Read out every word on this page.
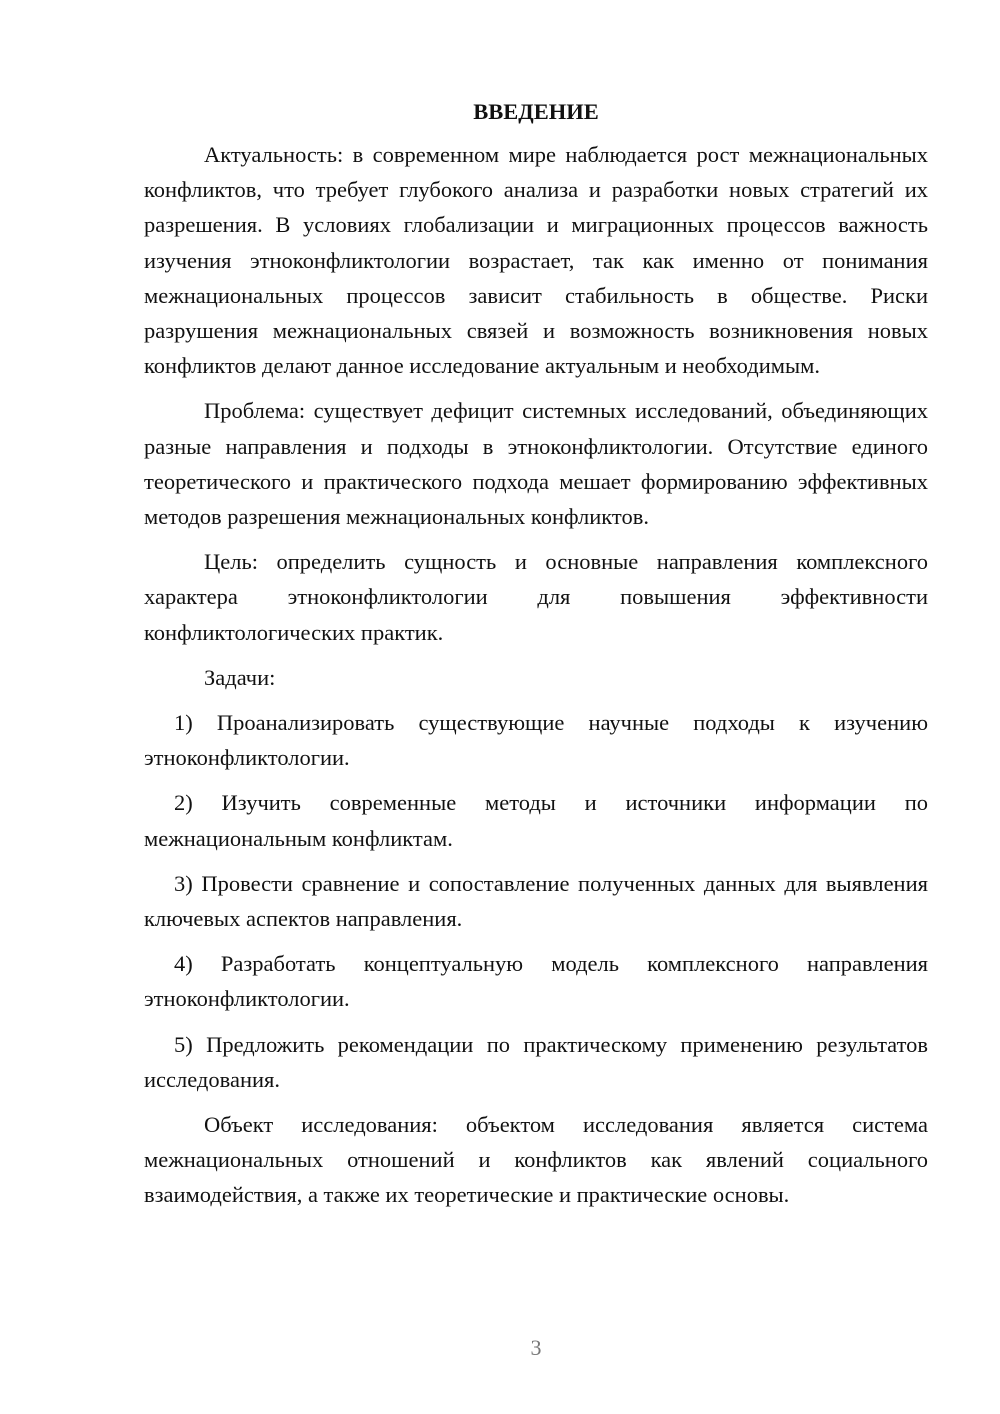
ВВЕДЕНИЕ

Актуальность: в современном мире наблюдается рост межнациональных конфликтов, что требует глубокого анализа и разработки новых стратегий их разрешения. В условиях глобализации и миграционных процессов важность изучения этноконфликтологии возрастает, так как именно от понимания межнациональных процессов зависит стабильность в обществе. Риски разрушения межнациональных связей и возможность возникновения новых конфликтов делают данное исследование актуальным и необходимым.

Проблема: существует дефицит системных исследований, объединяющих разные направления и подходы в этноконфликтологии. Отсутствие единого теоретического и практического подхода мешает формированию эффективных методов разрешения межнациональных конфликтов.

Цель: определить сущность и основные направления комплексного характера этноконфликтологии для повышения эффективности конфликтологических практик.

Задачи:

1) Проанализировать существующие научные подходы к изучению этноконфликтологии.

2) Изучить современные методы и источники информации по межнациональным конфликтам.

3) Провести сравнение и сопоставление полученных данных для выявления ключевых аспектов направления.

4) Разработать концептуальную модель комплексного направления этноконфликтологии.

5) Предложить рекомендации по практическому применению результатов исследования.

Объект исследования: объектом исследования является система межнациональных отношений и конфликтов как явлений социального взаимодействия, а также их теоретические и практические основы.

3
